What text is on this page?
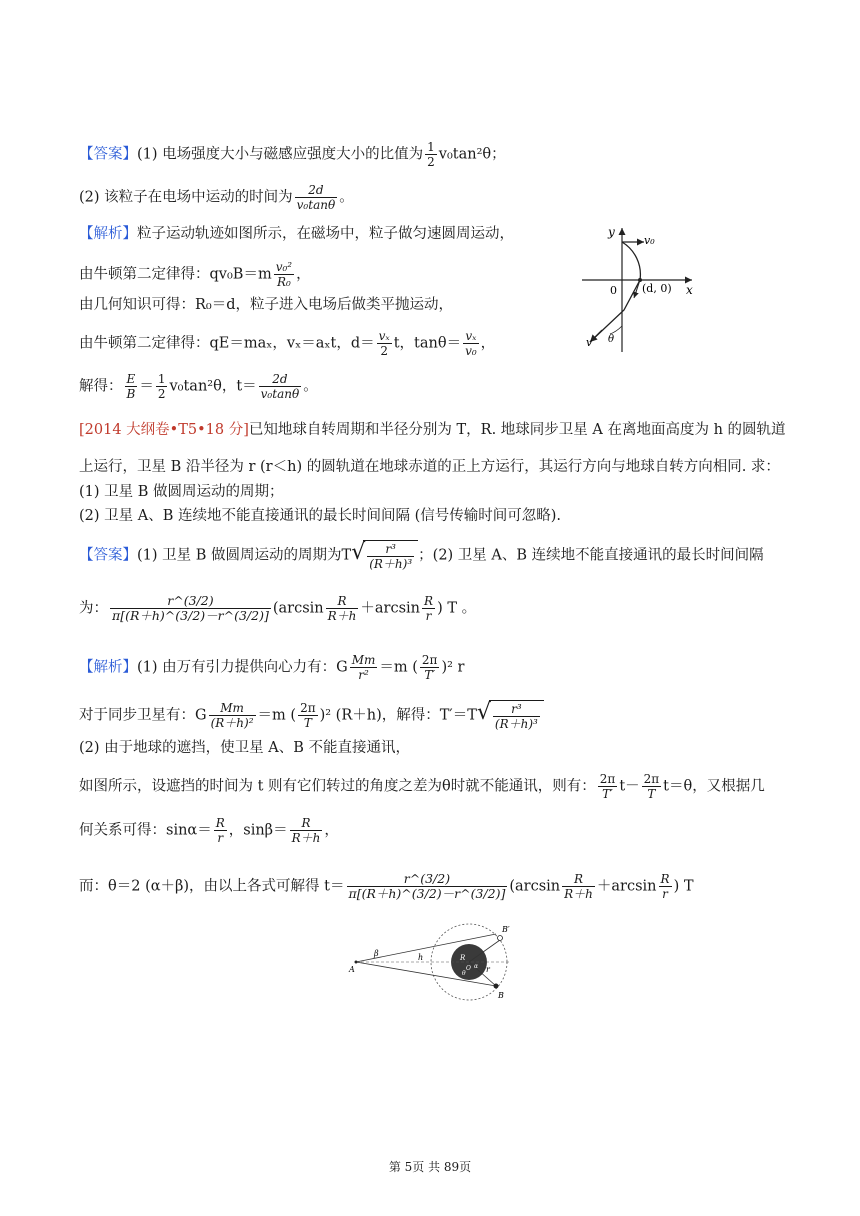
【答案】(1) 电场强度大小与磁感应强度大小的比值为 $\frac{1}{2} v_0\tan^2\theta$；
(2) 该粒子在电场中运动的时间为 $\frac{2d}{\text{v₀tanθ}}$ 。
【解析】粒子运动轨迹如图所示，在磁场中，粒子做匀速圆周运动，
由牛顿第二定律得：$qv_0B=m \frac{\text{v₀²}}{\text{R₀}}$ ，
由几何知识可得：R₀＝d，粒子进入电场后做类平抛运动，
由牛顿第二定律得：qE＝maₓ，vₓ＝aₓt，$d= \frac{\text{vₓ}}{2}$ t，$\tan\theta= \frac{\text{vₓ}}{\text{v₀}}$ ，
解得： $\frac{E}{B} = \frac{1}{2} v_0\tan^2\theta$，$t= \frac{2d}{\text{v₀tanθ}}$ 。
y
v₀
0 (d, 0) x
v θ
[2014 大纲卷•T5•18 分]已知地球自转周期和半径分别为 T，R. 地球同步卫星 A 在离地面高度为 h 的圆轨道
上运行，卫星 B 沿半径为 r (r＜h) 的圆轨道在地球赤道的正上方运行，其运行方向与地球自转方向相同. 求：
(1) 卫星 B 做圆周运动的周期；
(2) 卫星 A、B 连续地不能直接通讯的最长时间间隔 (信号传输时间可忽略).
【答案】(1) 卫星 B 做圆周运动的周期为T √ $\frac{\text{r³}}{\text{(R＋h)³}}$ ；(2) 卫星 A、B 连续地不能直接通讯的最长时间间隔
为： $\frac{r\^{}(3/2)}{\pi[(R+h)\^{}(3/2)-r\^{}(3/2)]} (\arcsin \frac{R}{R+h} +\arcsin \frac{R}{r}$ ) T 。
【解析】(1) 由万有引力提供向心力有：G $\frac{Mm}{\text{r²}} =m$ ( $\frac{2\pi}{T'} )^2$ r
对于同步卫星有：G $\frac{Mm}{\text{(R＋h)²}} =m$ ( $\frac{2\pi}{T} )^2$ (R＋h)，解得：T′＝T √ $\frac{\text{r³}}{\text{(R＋h)³}}$
(2) 由于地球的遮挡，使卫星 A、B 不能直接通讯，
如图所示，设遮挡的时间为 t 则有它们转过的角度之差为θ时就不能通讯，则有： $\frac{2\pi}{T'} t- \frac{2\pi}{T} t=\theta$，又根据几
何关系可得：$\sin\alpha= \frac{R}{r}$ ，$\sin\beta= \frac{R}{R+h}$ ，
而：θ＝2 (α＋β)，由以上各式可解得 $t= \frac{r\^{}(3/2)}{\pi[(R+h)\^{}(3/2)-r\^{}(3/2)]} (\arcsin \frac{R}{R+h} +\arcsin \frac{R}{r}$ ) T
A
B
B′
β	h	R
r
O α
θ
第 5页 共 89页
